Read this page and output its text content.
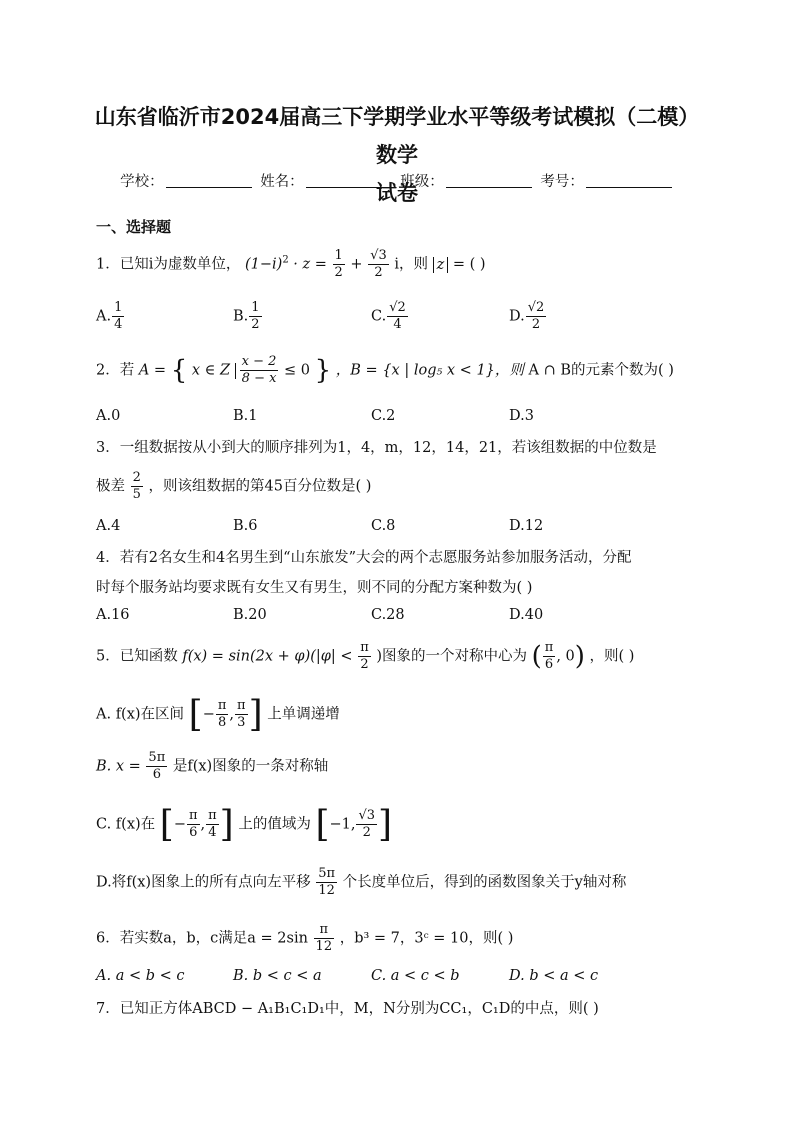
山东省临沂市2024届高三下学期学业水平等级考试模拟（二模）数学
试卷
学校：	姓名：	班级：	考号：
一、选择题
1．已知i为虚数单位， $(1-i)^2 \cdot z = \frac{1}{2} + \frac{√3}{2}$ i，则 z = ( )
A. $\frac{1}{4}$	B. $\frac{1}{2}$	C. $\frac{√2}{4}$	D. $\frac{√2}{2}$
2．若 A = { x ∈ Z $\frac{x - 2}{8 - x} \le 0$ } ，B = {x | log₅ x < 1}，则 A ∩ B的元素个数为( )
A.0	B.1	C.2	D.3
3．一组数据按从小到大的顺序排列为1，4，m，12，14，21，若该组数据的中位数是
极差 $\frac{2}{5}$ ，则该组数据的第45百分位数是( )
A.4	B.6	C.8	D.12
4．若有2名女生和4名男生到“山东旅发”大会的两个志愿服务站参加服务活动，分配
时每个服务站均要求既有女生又有男生，则不同的分配方案种数为( )
A.16	B.20	C.28	D.40
5．已知函数 $f(x) = \sin(2x + \varphi)(|\varphi| < \frac{\pi}{2}$ )图象的一个对称中心为 ( $\frac{\pi}{6}$ , 0) ，则( )
A. f(x)在区间 [− $\frac{\pi}{8}$ , $\frac{\pi}{3}$ ] 上单调递增
B. $x = \frac{5\pi}{6}$ 是f(x)图象的一条对称轴
C. f(x)在 [− $\frac{\pi}{6}$ , $\frac{\pi}{4}$ ] 上的值域为 [−1, $\frac{√3}{2}$ ]
D.将f(x)图象上的所有点向左平移 $\frac{5\pi}{12}$ 个长度单位后，得到的函数图象关于y轴对称
6．若实数a，b，c满足$a = 2\sin \frac{\pi}{12}$ ，b³ = 7，3ᶜ = 10，则( )
A. a < b < c	B. b < c < a	C. a < c < b	D. b < a < c
7．已知正方体ABCD − A₁B₁C₁D₁中，M，N分别为CC₁，C₁D的中点，则( )
